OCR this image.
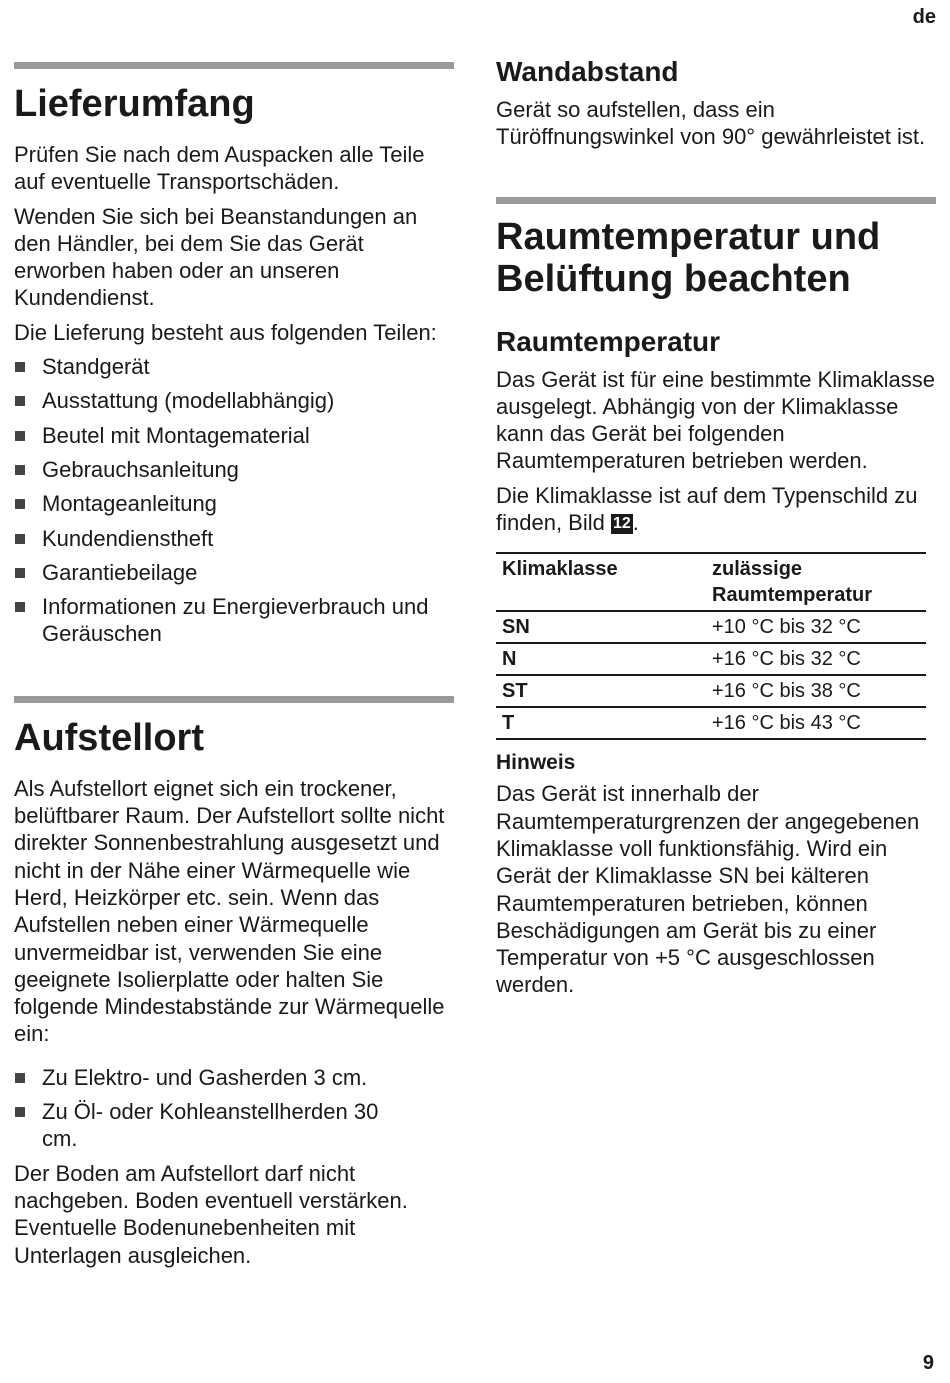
de
Lieferumfang

Prüfen Sie nach dem Auspacken alle Teile auf eventuelle Transportschäden.

Wenden Sie sich bei Beanstandungen an den Händler, bei dem Sie das Gerät erworben haben oder an unseren Kundendienst.

Die Lieferung besteht aus folgenden Teilen:

Standgerät
Ausstattung (modellabhängig)
Beutel mit Montagematerial
Gebrauchsanleitung
Montageanleitung
Kundendienstheft
Garantiebeilage
Informationen zu Energieverbrauch und Geräuschen
Aufstellort

Als Aufstellort eignet sich ein trockener, belüftbarer Raum. Der Aufstellort sollte nicht direkter Sonnenbestrahlung ausgesetzt und nicht in der Nähe einer Wärmequelle wie Herd, Heizkörper etc. sein. Wenn das Aufstellen neben einer Wärmequelle unvermeidbar ist, verwenden Sie eine geeignete Isolierplatte oder halten Sie folgende Mindestabstände zur Wärmequelle ein:

Zu Elektro- und Gasherden 3 cm.
Zu Öl- oder Kohleanstellherden 30 cm.

Der Boden am Aufstellort darf nicht nachgeben. Boden eventuell verstärken. Eventuelle Bodenunebenheiten mit Unterlagen ausgleichen.

Wandabstand

Gerät so aufstellen, dass ein Türöffnungswinkel von 90° gewährleistet ist.

Raumtemperatur und
Belüftung beachten
Raumtemperatur

Das Gerät ist für eine bestimmte Klimaklasse ausgelegt. Abhängig von der Klimaklasse kann das Gerät bei folgenden Raumtemperaturen betrieben werden.

Die Klimaklasse ist auf dem Typenschild zu finden, Bild 12.

Klimaklasse	zulässige Raumtemperatur
SN	+10 °C bis 32 °C
N	+16 °C bis 32 °C
ST	+16 °C bis 38 °C
T	+16 °C bis 43 °C
Hinweis

Das Gerät ist innerhalb der Raumtemperaturgrenzen der angegebenen Klimaklasse voll funktionsfähig. Wird ein Gerät der Klimaklasse SN bei kälteren Raumtemperaturen betrieben, können Beschädigungen am Gerät bis zu einer Temperatur von +5 °C ausgeschlossen werden.

9
